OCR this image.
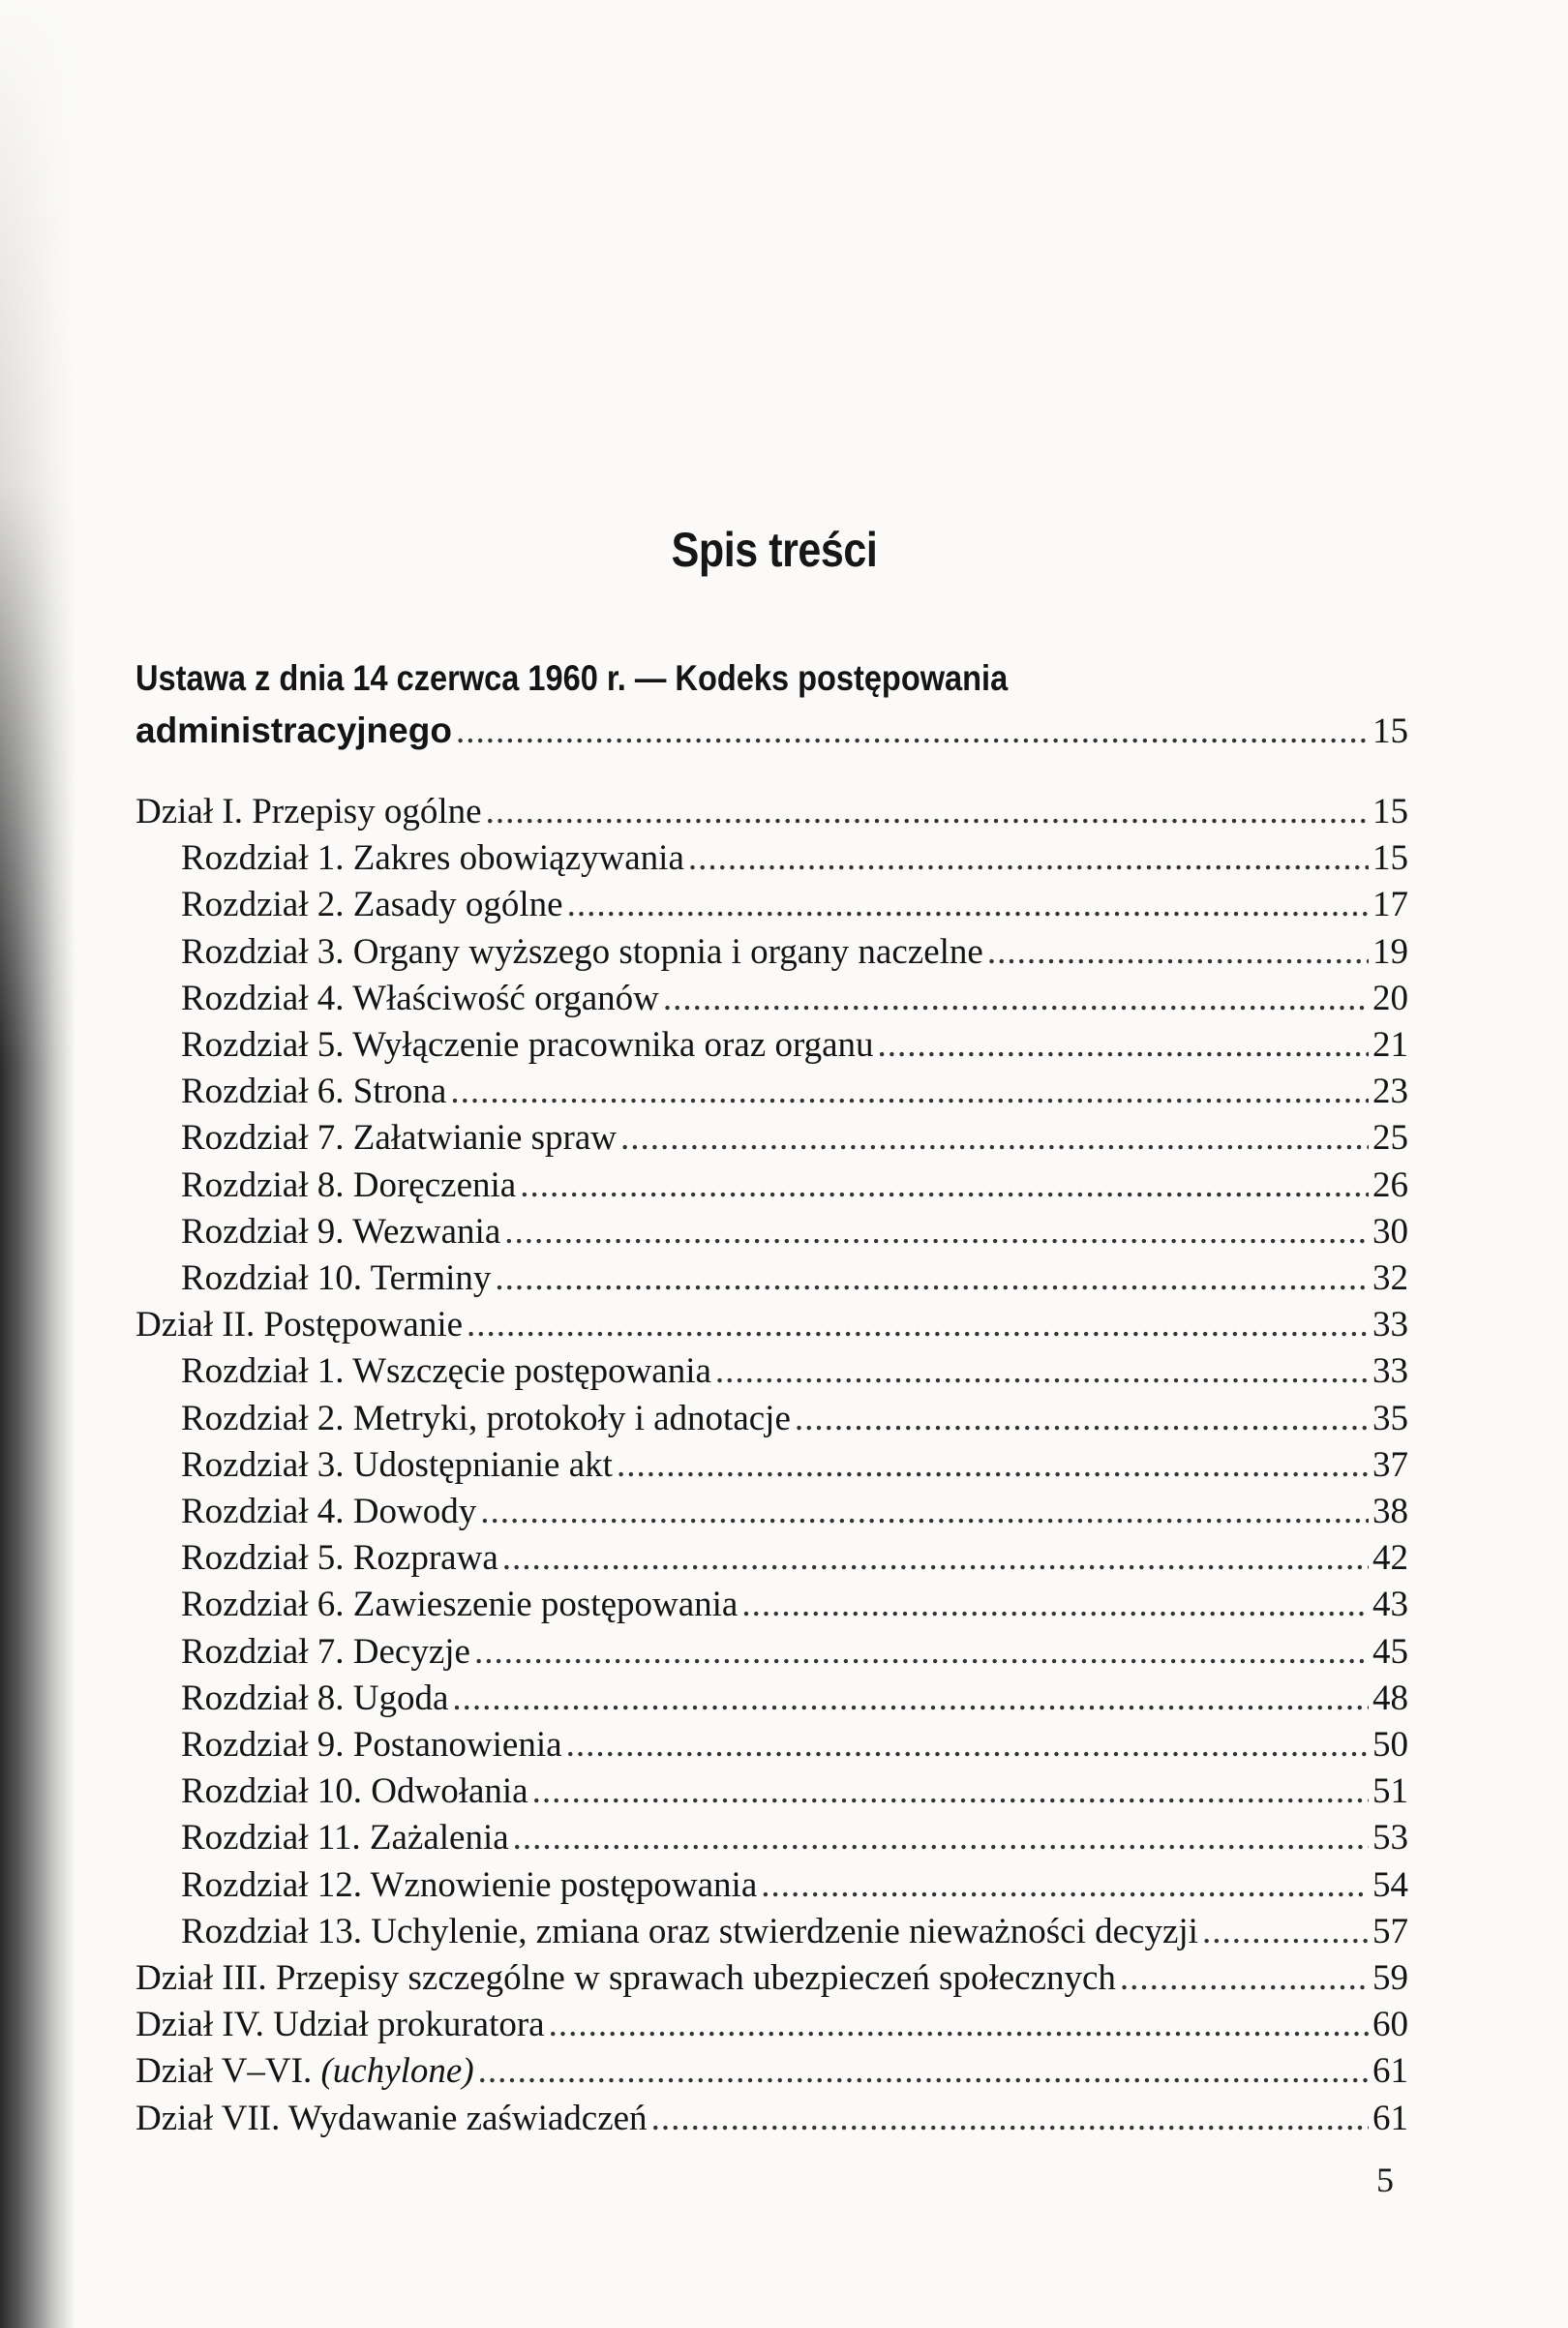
Spis treści
Ustawa z dnia 14 czerwca 1960 r. — Kodeks postępowania
administracyjnego .....	15
Dział I. Przepisy ogólne .....	15
Rozdział 1. Zakres obowiązywania .....	15
Rozdział 2. Zasady ogólne .....	17
Rozdział 3. Organy wyższego stopnia i organy naczelne .....	19
Rozdział 4. Właściwość organów .....	20
Rozdział 5. Wyłączenie pracownika oraz organu .....	21
Rozdział 6. Strona .....	23
Rozdział 7. Załatwianie spraw .....	25
Rozdział 8. Doręczenia .....	26
Rozdział 9. Wezwania .....	30
Rozdział 10. Terminy .....	32
Dział II. Postępowanie .....	33
Rozdział 1. Wszczęcie postępowania .....	33
Rozdział 2. Metryki, protokoły i adnotacje .....	35
Rozdział 3. Udostępnianie akt .....	37
Rozdział 4. Dowody .....	38
Rozdział 5. Rozprawa .....	42
Rozdział 6. Zawieszenie postępowania .....	43
Rozdział 7. Decyzje .....	45
Rozdział 8. Ugoda .....	48
Rozdział 9. Postanowienia .....	50
Rozdział 10. Odwołania .....	51
Rozdział 11. Zażalenia .....	53
Rozdział 12. Wznowienie postępowania .....	54
Rozdział 13. Uchylenie, zmiana oraz stwierdzenie nieważności decyzji .....	57
Dział III. Przepisy szczególne w sprawach ubezpieczeń społecznych .....	59
Dział IV. Udział prokuratora .....	60
Dział V–VI. (uchylone) .....	61
Dział VII. Wydawanie zaświadczeń .....	61
5
